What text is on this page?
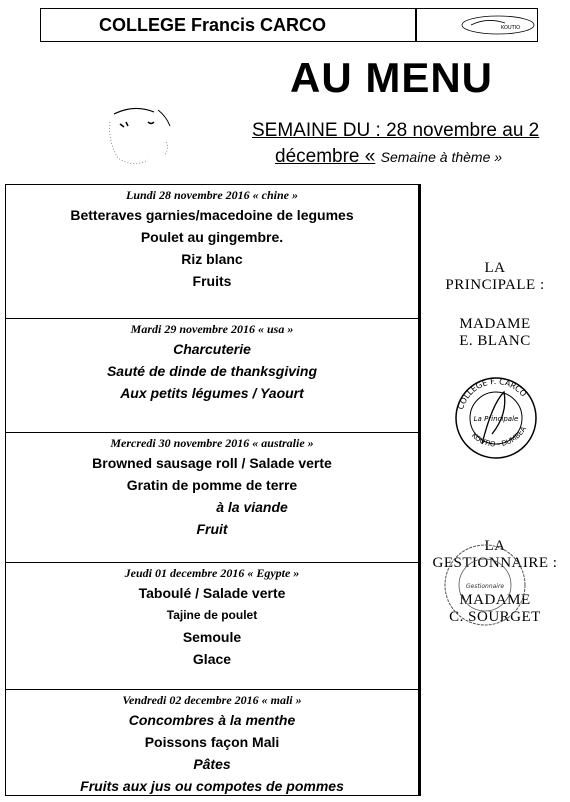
COLLEGE Francis CARCO	KOUTIO
AU MENU
SEMAINE DU : 28 novembre au 2
décembre « Semaine à thème »
Lundi 28 novembre 2016 « chine »
Betteraves garnies/macedoine de legumes
Poulet au gingembre.
Riz blanc
Fruits
Mardi 29 novembre 2016 « usa »
Charcuterie
Sauté de dinde de thanksgiving
Aux petits légumes / Yaourt
Mercredi 30 novembre 2016 « australie »
Browned sausage roll / Salade verte
Gratin de pomme de terre
à la viande
Fruit
Jeudi 01 decembre 2016 « Egypte »
Taboulé / Salade verte
Tajine de poulet
Semoule
Glace
Vendredi 02 decembre 2016 « mali »
Concombres à la menthe
Poissons façon Mali
Pâtes
Fruits aux jus ou compotes de pommes
LA
PRINCIPALE :
MADAME
E. BLANC
COLLEGE F. CARCO
KOUTIO - DUMBEA
La Principale
LA
GESTIONNAIRE :
MADAME
C. SOURGET
Gestionnaire
